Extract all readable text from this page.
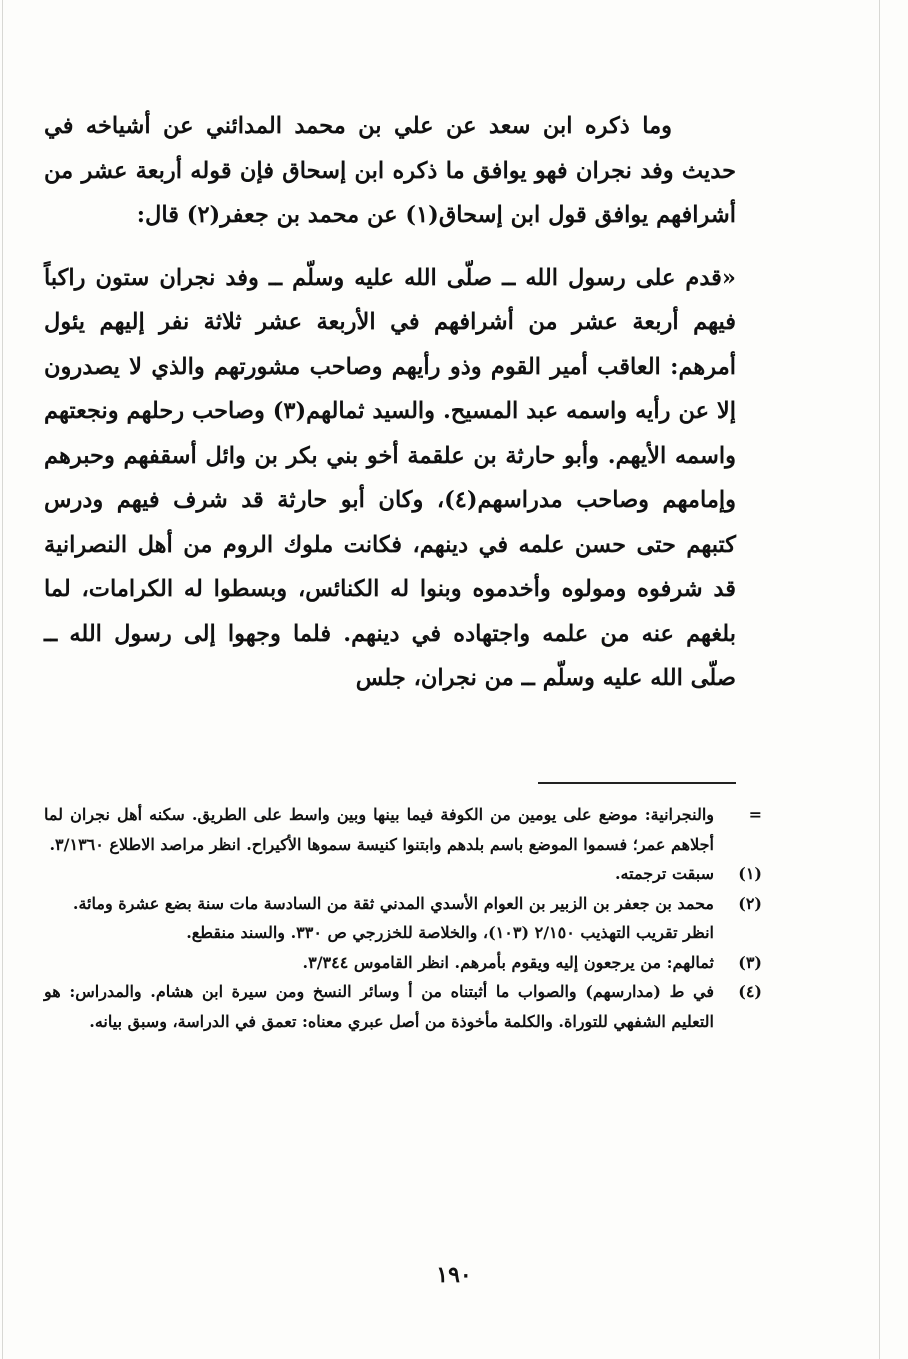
وما ذكره ابن سعد عن علي بن محمد المدائني عن أشياخه في حديث وفد نجران فهو يوافق ما ذكره ابن إسحاق فإن قوله أربعة عشر من أشرافهم يوافق قول ابن إسحاق(١) عن محمد بن جعفر(٢) قال:

«قدم على رسول الله ــ صلّى الله عليه وسلّم ــ وفد نجران ستون راكباً فيهم أربعة عشر من أشرافهم في الأربعة عشر ثلاثة نفر إليهم يئول أمرهم: العاقب أمير القوم وذو رأيهم وصاحب مشورتهم والذي لا يصدرون إلا عن رأيه واسمه عبد المسيح. والسيد ثمالهم(٣) وصاحب رحلهم ونجعتهم واسمه الأيهم. وأبو حارثة بن علقمة أخو بني بكر بن وائل أسقفهم وحبرهم وإمامهم وصاحب مدراسهم(٤)، وكان أبو حارثة قد شرف فيهم ودرس كتبهم حتى حسن علمه في دينهم، فكانت ملوك الروم من أهل النصرانية قد شرفوه ومولوه وأخدموه وبنوا له الكنائس، وبسطوا له الكرامات، لما بلغهم عنه من علمه واجتهاده في دينهم. فلما وجهوا إلى رسول الله ــ صلّى الله عليه وسلّم ــ من نجران، جلس

=

والنجرانية: موضع على يومين من الكوفة فيما بينها وبين واسط على الطريق. سكنه أهل نجران لما أجلاهم عمر؛ فسموا الموضع باسم بلدهم وابتنوا كنيسة سموها الأكيراح. انظر مراصد الاطلاع ٣/١٣٦٠.

(١)

سبقت ترجمته.

(٢)

محمد بن جعفر بن الزبير بن العوام الأسدي المدني ثقة من السادسة مات سنة بضع عشرة ومائة.

انظر تقريب التهذيب ٢/١٥٠ (١٠٣)، والخلاصة للخزرجي ص ٣٣٠. والسند منقطع.

(٣)

ثمالهم: من يرجعون إليه ويقوم بأمرهم. انظر القاموس ٣/٣٤٤.

(٤)

في ط (مدارسهم) والصواب ما أثبتناه من أ وسائر النسخ ومن سيرة ابن هشام. والمدراس: هو التعليم الشفهي للتوراة. والكلمة مأخوذة من أصل عبري معناه: تعمق في الدراسة، وسبق بيانه.

١٩٠
